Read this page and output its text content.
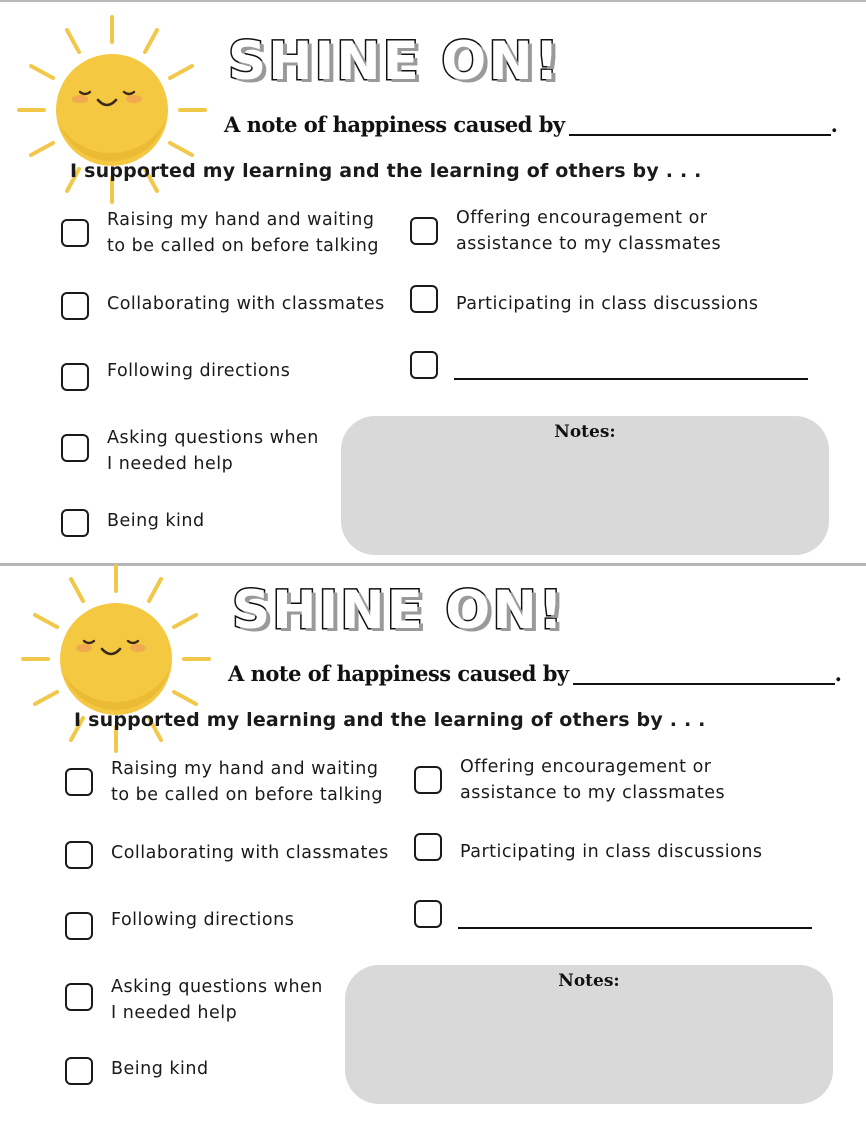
SHINE ON!
A note of happiness caused by	.
I supported my learning and the learning of others by . . .
Raising my hand and waiting
to be called on before talking
Collaborating with classmates
Following directions
Asking questions when
I needed help
Being kind
Offering encouragement or
assistance to my classmates
Participating in class discussions
Notes:
SHINE ON!
A note of happiness caused by	.
I supported my learning and the learning of others by . . .
Raising my hand and waiting
to be called on before talking
Collaborating with classmates
Following directions
Asking questions when
I needed help
Being kind
Offering encouragement or
assistance to my classmates
Participating in class discussions
Notes:
